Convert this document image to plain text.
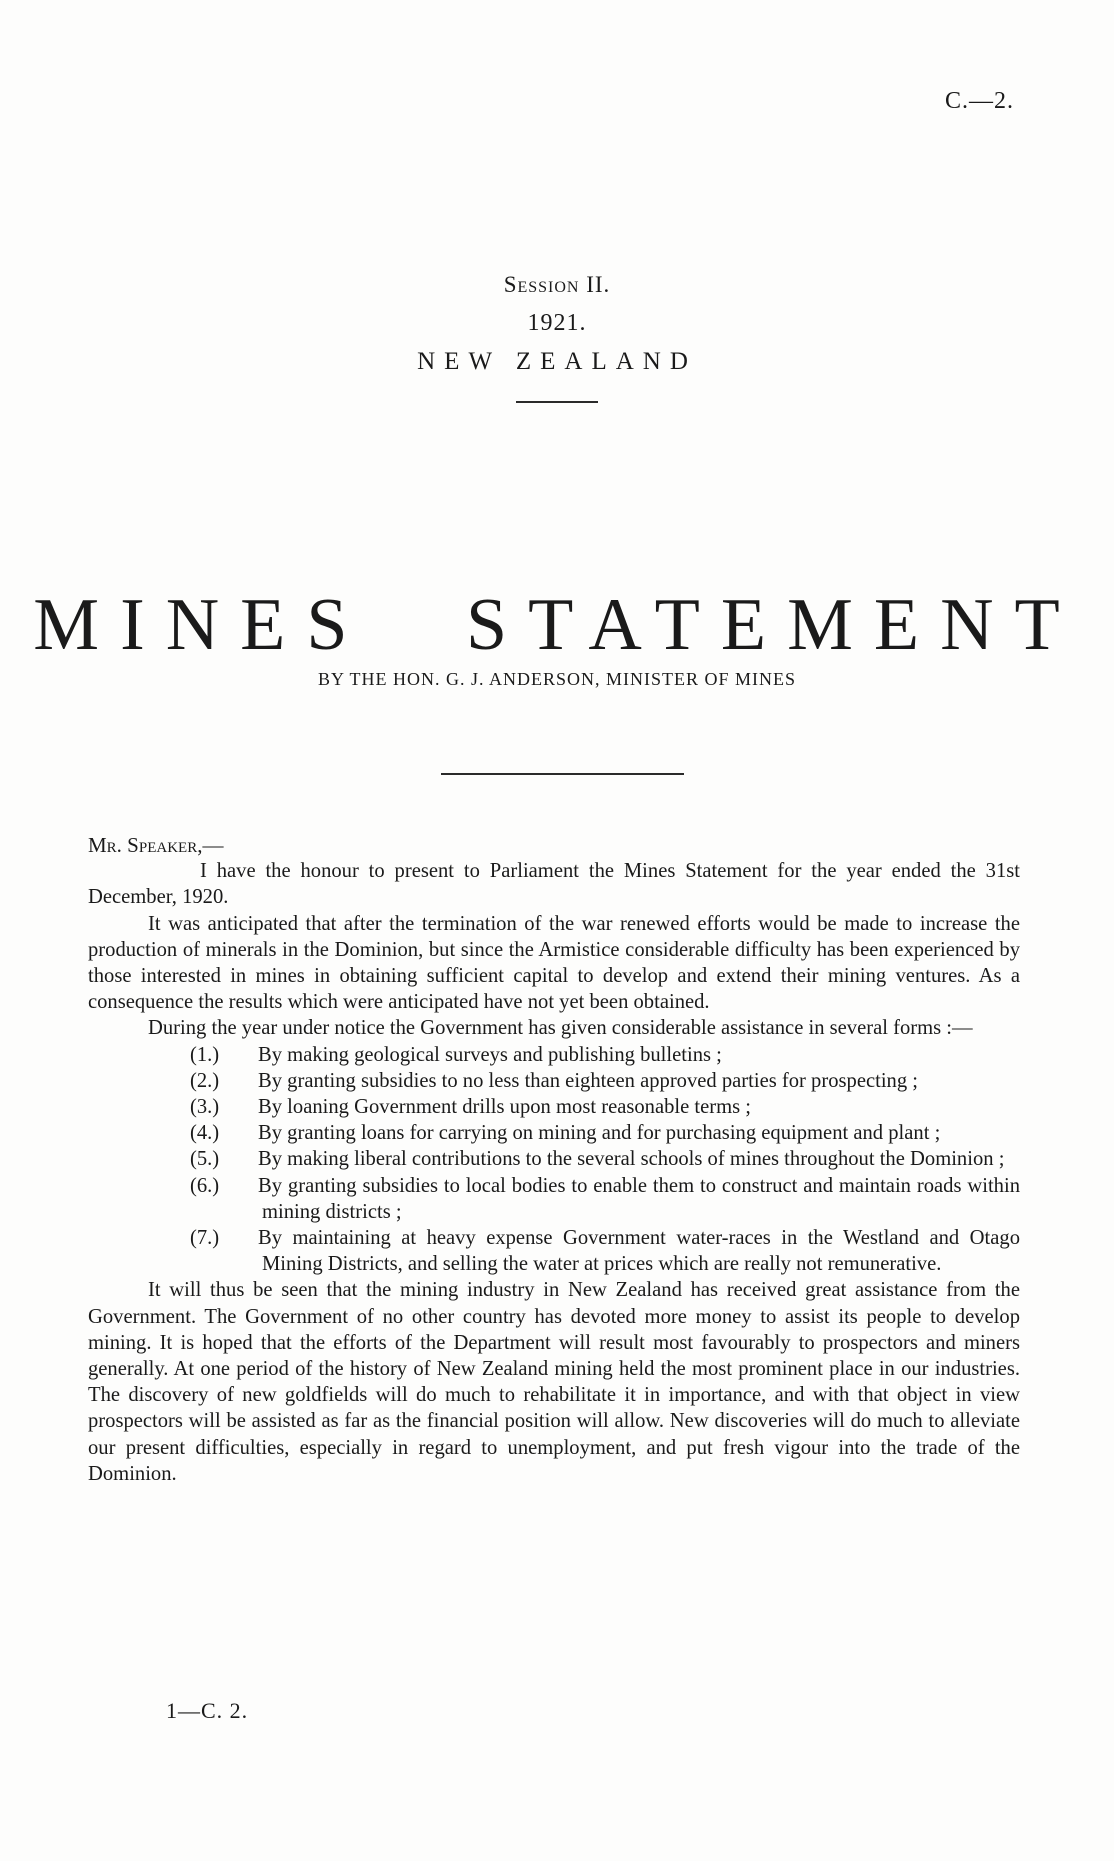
C.—2.
Session II.
1921.
NEW ZEALAND
MINES STATEMENT
BY THE HON. G. J. ANDERSON, MINISTER OF MINES

Mr. Speaker,—

I have the honour to present to Parliament the Mines Statement for the year ended the 31st December, 1920.

It was anticipated that after the termination of the war renewed efforts would be made to increase the production of minerals in the Dominion, but since the Armistice considerable difficulty has been experienced by those interested in mines in obtaining sufficient capital to develop and extend their mining ventures. As a consequence the results which were anticipated have not yet been obtained.

During the year under notice the Government has given considerable assistance in several forms :—

(1.) By making geological surveys and publishing bulletins ;
(2.) By granting subsidies to no less than eighteen approved parties for prospecting ;
(3.) By loaning Government drills upon most reasonable terms ;
(4.) By granting loans for carrying on mining and for purchasing equipment and plant ;
(5.) By making liberal contributions to the several schools of mines throughout the Dominion ;
(6.) By granting subsidies to local bodies to enable them to construct and maintain roads within mining districts ;
(7.) By maintaining at heavy expense Government water-races in the Westland and Otago Mining Districts, and selling the water at prices which are really not remunerative.

It will thus be seen that the mining industry in New Zealand has received great assistance from the Government. The Government of no other country has devoted more money to assist its people to develop mining. It is hoped that the efforts of the Department will result most favourably to prospectors and miners generally. At one period of the history of New Zealand mining held the most prominent place in our industries. The discovery of new goldfields will do much to rehabilitate it in importance, and with that object in view prospectors will be assisted as far as the financial position will allow. New discoveries will do much to alleviate our present difficulties, especially in regard to unemployment, and put fresh vigour into the trade of the Dominion.

1—C. 2.
